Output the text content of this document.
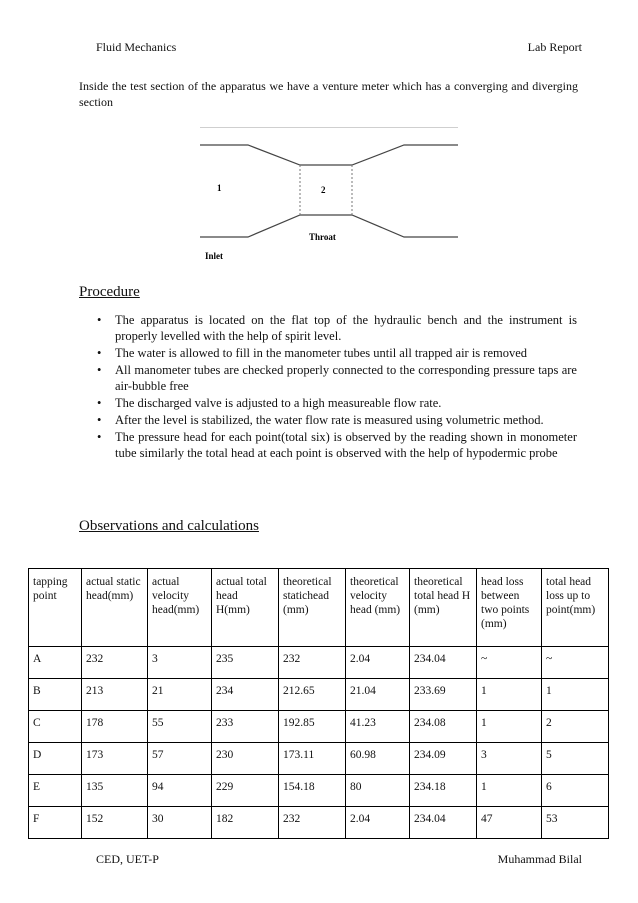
Fluid Mechanics	Lab Report
Inside the test section of the apparatus we have a venture meter which has a converging and diverging section
1	2
Throat
Inlet
Procedure
• The apparatus is located on the flat top of the hydraulic bench and the instrument is properly levelled with the help of spirit level.
• The water is allowed to fill in the manometer tubes until all trapped air is removed
• All manometer tubes are checked properly connected to the corresponding pressure taps are air-bubble free
• The discharged valve is adjusted to a high measureable flow rate.
• After the level is stabilized, the water flow rate is measured using volumetric method.
• The pressure head for each point(total six) is observed by the reading shown in monometer tube similarly the total head at each point is observed with the help of hypodermic probe
Observations and calculations
tapping point	actual static head(mm)	actual velocity head(mm)	actual total head H(mm)	theoretical statichead (mm)	theoretical velocity head (mm)	theoretical total head H (mm)	head loss between two points (mm)	total head loss up to point(mm)
A	232	3	235	232	2.04	234.04	~	~
B	213	21	234	212.65	21.04	233.69	1	1
C	178	55	233	192.85	41.23	234.08	1	2
D	173	57	230	173.11	60.98	234.09	3	5
E	135	94	229	154.18	80	234.18	1	6
F	152	30	182	232	2.04	234.04	47	53
CED, UET-P	Muhammad Bilal
